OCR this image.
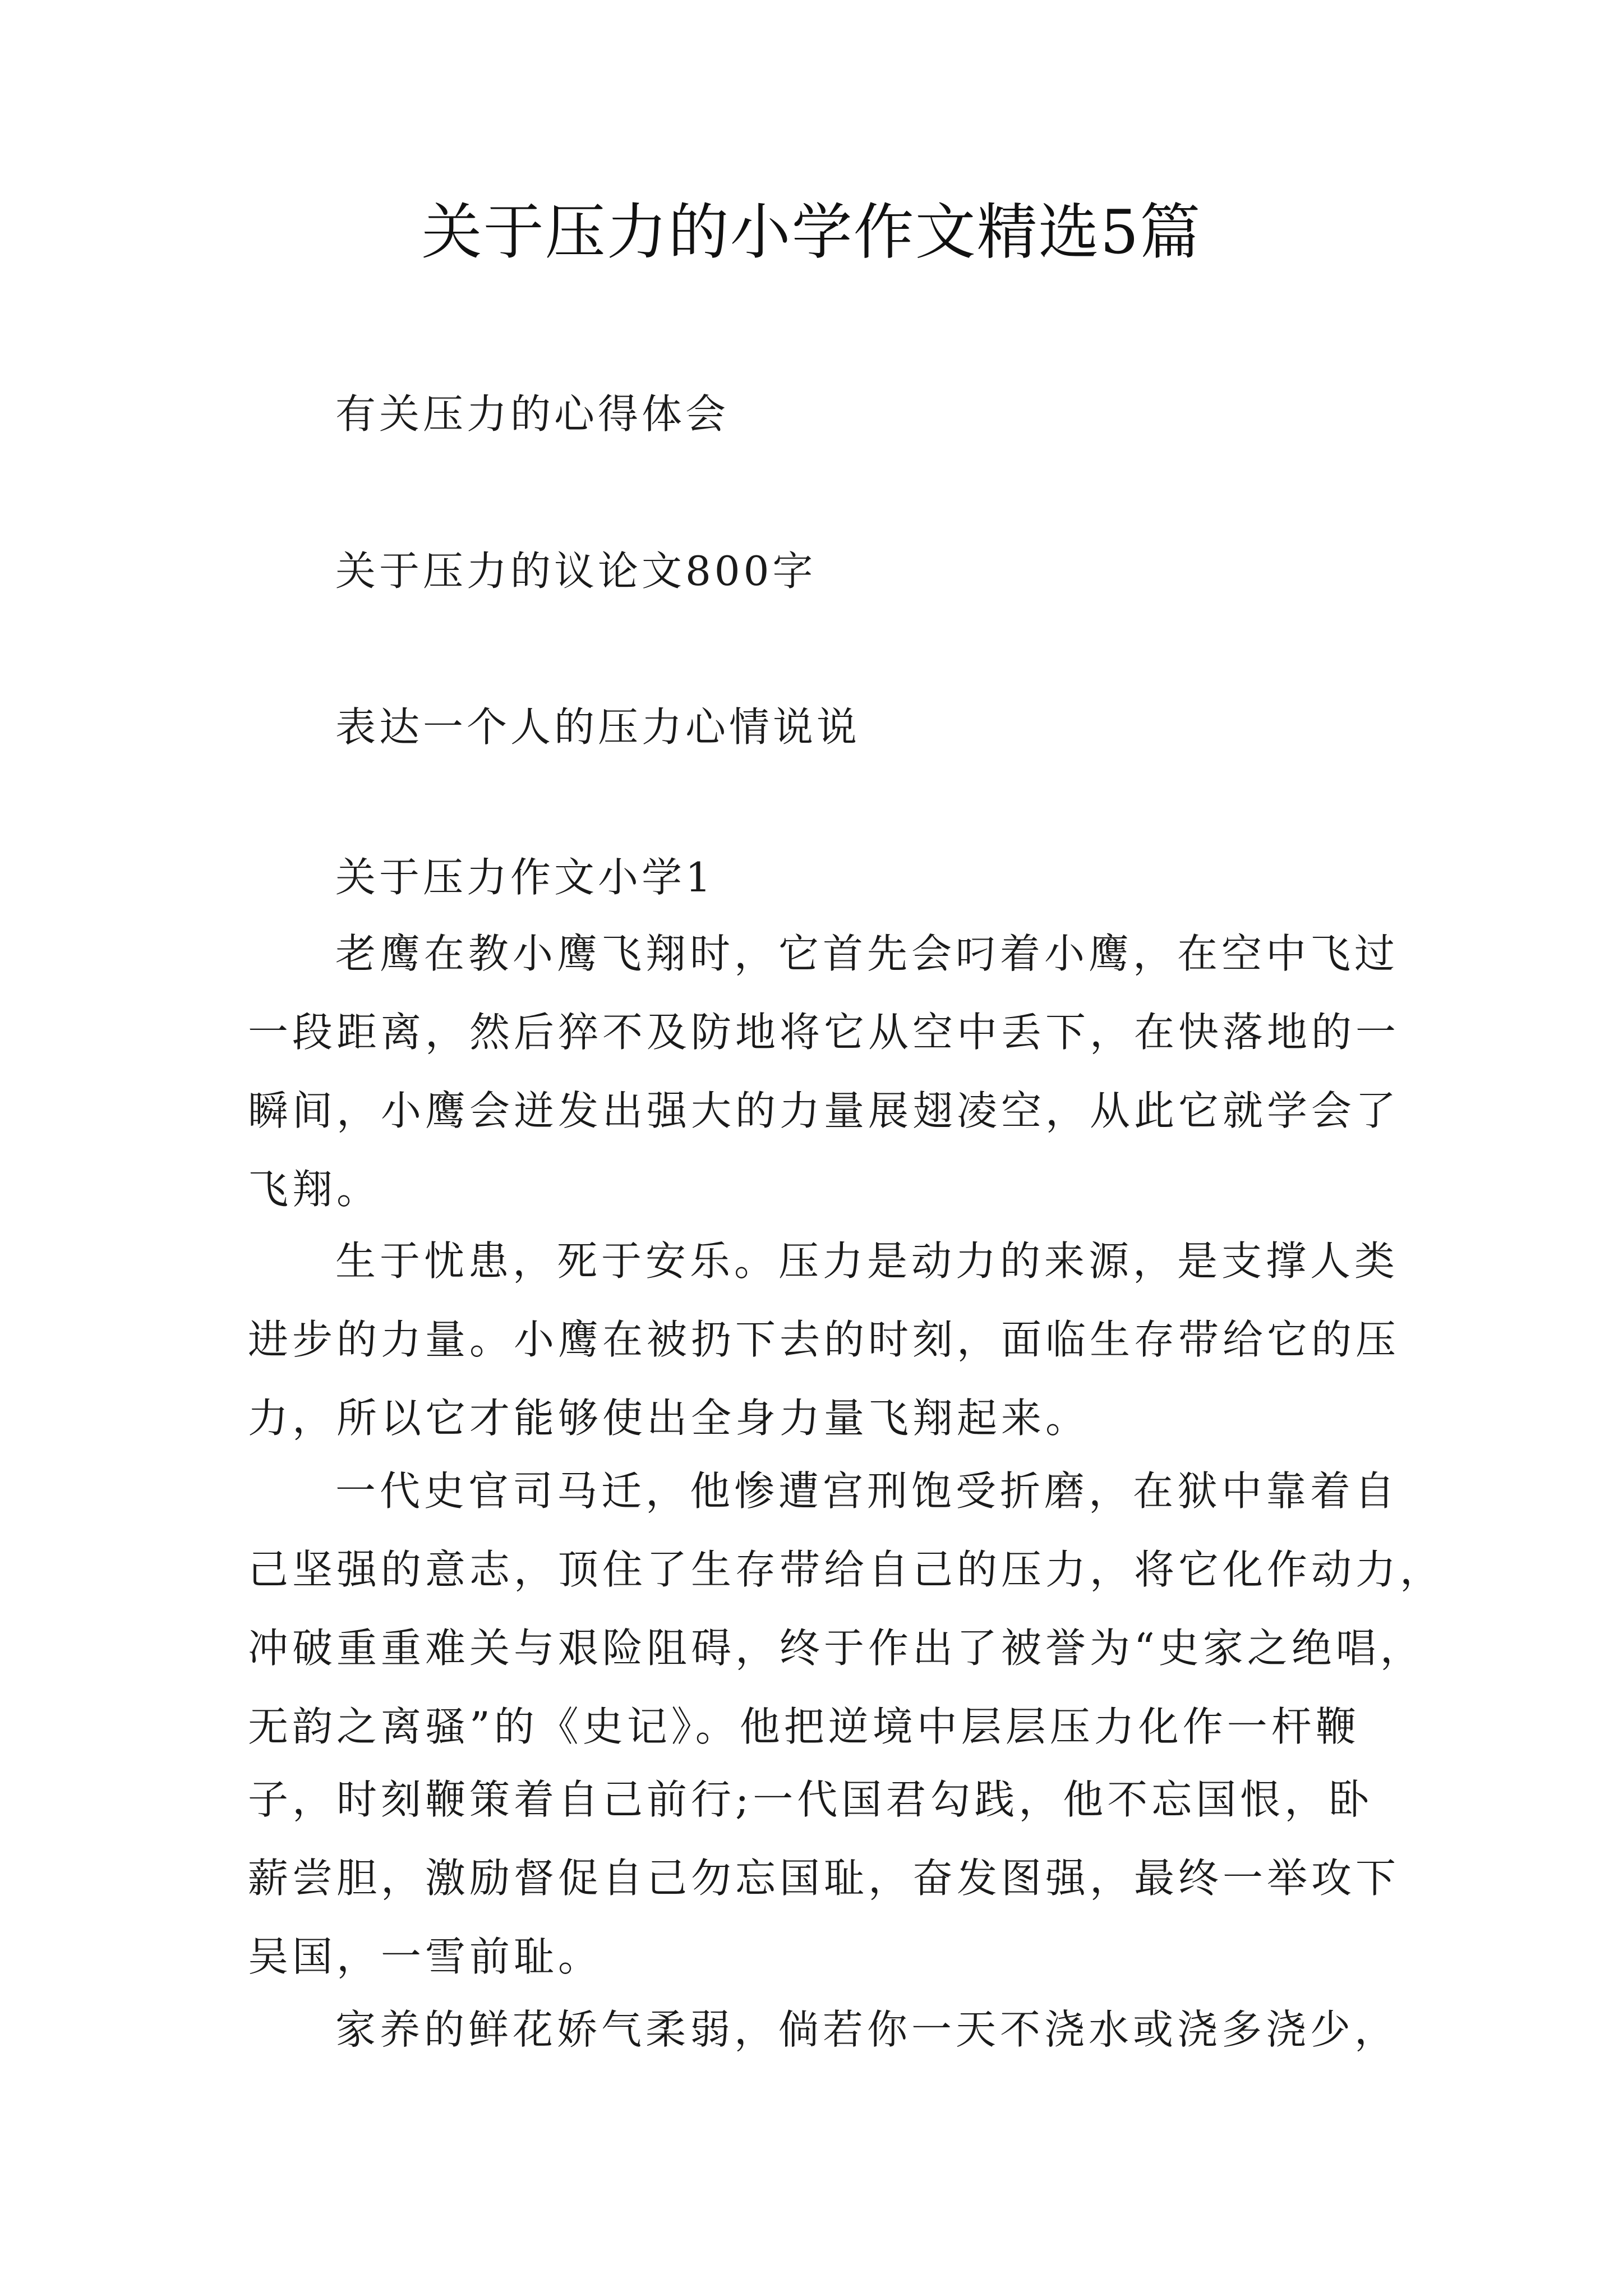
关于压力的小学作文精选5篇
有关压力的心得体会
关于压力的议论文800字
表达一个人的压力心情说说
关于压力作文小学1
老鹰在教小鹰飞翔时，它首先会叼着小鹰，在空中飞过
一段距离，然后猝不及防地将它从空中丢下，在快落地的一
瞬间，小鹰会迸发出强大的力量展翅凌空，从此它就学会了
飞翔。
生于忧患，死于安乐。压力是动力的来源，是支撑人类
进步的力量。小鹰在被扔下去的时刻，面临生存带给它的压
力，所以它才能够使出全身力量飞翔起来。
一代史官司马迁，他惨遭宫刑饱受折磨，在狱中靠着自
己坚强的意志，顶住了生存带给自己的压力，将它化作动力，
冲破重重难关与艰险阻碍，终于作出了被誉为“史家之绝唱，
无韵之离骚”的《史记》。他把逆境中层层压力化作一杆鞭
子，时刻鞭策着自己前行;一代国君勾践，他不忘国恨，卧
薪尝胆，激励督促自己勿忘国耻，奋发图强，最终一举攻下
吴国，一雪前耻。
家养的鲜花娇气柔弱，倘若你一天不浇水或浇多浇少，
